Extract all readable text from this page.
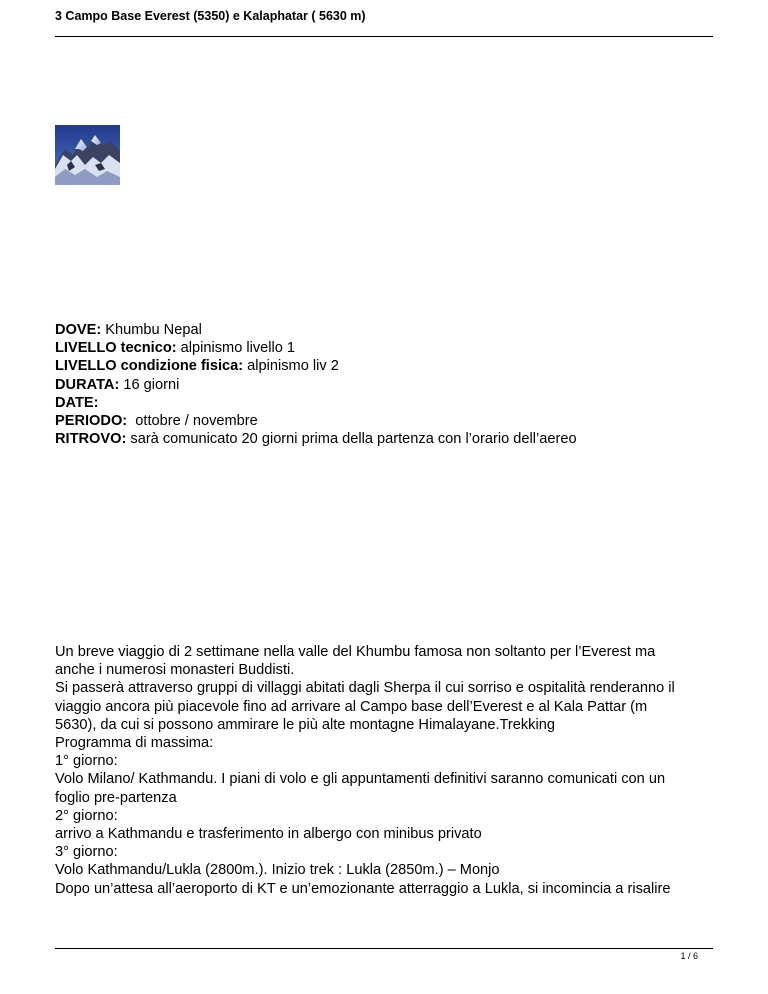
3 Campo Base Everest (5350) e Kalaphatar ( 5630 m)
DOVE: Khumbu Nepal
LIVELLO tecnico: alpinismo livello 1
LIVELLO condizione fisica: alpinismo liv 2
DURATA: 16 giorni
DATE:
PERIODO:  ottobre / novembre
RITROVO: sarà comunicato 20 giorni prima della partenza con l’orario dell’aereo
Un breve viaggio di 2 settimane nella valle del Khumbu famosa non soltanto per l’Everest ma
anche i numerosi monasteri Buddisti.
Si passerà attraverso gruppi di villaggi abitati dagli Sherpa il cui sorriso e ospitalità renderanno il
viaggio ancora più piacevole fino ad arrivare al Campo base dell’Everest e al Kala Pattar (m
5630), da cui si possono ammirare le più alte montagne Himalayane.Trekking
Programma di massima:
1° giorno:
Volo Milano/ Kathmandu. I piani di volo e gli appuntamenti definitivi saranno comunicati con un
foglio pre-partenza
2° giorno:
arrivo a Kathmandu e trasferimento in albergo con minibus privato
3° giorno:
Volo Kathmandu/Lukla (2800m.). Inizio trek : Lukla (2850m.) – Monjo
Dopo un’attesa all’aeroporto di KT e un’emozionante atterraggio a Lukla, si incomincia a risalire
1 / 6
